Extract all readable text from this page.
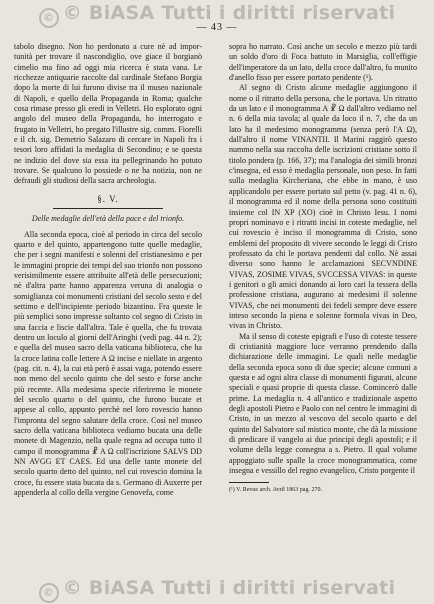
© © BiASA Tutti i diritti riservati
— 43 —

tabolo disegno. Non ho perdonato a cure nè ad importunità per trovare il nascondiglio, ove giace il borgianò cimelio ma fino ad oggi mia ricerca è stata vana. Le ricchezze antiquarie raccolte dal cardinale Stefano Borgia dopo la morte di lui furono divise tra il museo nazionale di Napoli, e quello della Propaganda in Roma; qualche cosa rimase presso gli eredi in Velletri. Ho esplorato ogni angolo del museo della Propaganda, ho interrogato e frugato in Velletri, ho pregato l'illustre sig. comm. Fiorelli e il ch. sig. Demetrio Salazaro di cercare in Napoli fra i tesori loro affidati la medaglia di Secondino; e se questa ne indizio del dove sia essa ita pellegrinando ho potuto trovare. Se qualcuno lo possiede o ne ha notizia, non ne defraudi gli studiosi della sacra archeologia.

§. V.
Delle medaglie dell'età della pace e del trionfo.

Alla seconda epoca, cioè al periodo in circa del secolo quarto e del quinto, appartengono tutte quelle medaglie, che per i segni manifesti e solenni del cristianesimo e per le immagini proprie dei tempi del suo trionfo non possono verisimilmente essere attribuite all'età delle persecuzioni; nè d'altra parte hanno apparenza veruna di analogia o somiglianza coi monumenti cristiani del secolo sesto e del settimo e dell'incipiente periodo bizantino. Fra queste le più semplici sono impresse soltanto col segno di Cristo in una faccia e liscie dall'altra. Tale è quella, che fu trovata dentro un loculo al giorni dell'Aringhi (vedi pag. 44 n. 2); e quella del museo sacro della vaticana biblioteca, che ha la croce latina colle lettere A Ω incise e niellate in argento (pag. cit. n. 4), la cui età però è assai vaga, potendo essere non meno del secolo quinto che del sesto e forse anche più recente. Alla medesima specie riferiremo le monete del secolo quarto o del quinto, che furono bucate et appese al collo, appunto perchè nel loro rovescio hanno l'impronta del segno salutare della croce. Così nel museo sacro della vaticana biblioteca vediamo bucata una delle monete di Magenzio, nella quale regna ad occupa tutto il campo il monogramma ☧ A Ω coll'iscrizione SALVS DD NN AVGG ET CAES. Ed una delle tante monete del secolo quarto detto del quinto, nel cui rovescio domina la croce, fu essere stata bucata da s. Germano di Auxerre per appenderla al collo della vergine Genovefa, come

sopra ho narrato. Così anche un secolo e mezzo più tardi un soldo d'oro di Foca battuto in Marsiglia, coll'effigie dell'imperatore da un lato, della croce dall'altro, fu munito d'anello fisso per essere portato pendente (¹).

Al segno di Cristo alcune medaglie aggiungono il nome o il ritratto della persona, che le portava. Un ritratto da un lato e il monogramma A ☧ Ω dall'altro vediamo nel n. 6 della mia tavola; al quale da loco il n. 7, che da un lato ha il medesimo monogramma (senza però l'A Ω), dall'altro il nome VINANTII. Il Marini raggirò questo nummo nella sua raccolta delle iscrizioni cristiane sotto il titolo pondera (p. 166, 37); ma l'analogia dei simili bronzi c'insegna, ed esso è medaglia personale, non peso. In fatti sulla medaglia Kircheriana, che ebbe in mano, è uso applicandolo per essere portato sul petto (v. pag. 41 n. 6), il monogramma ed il nome della persona sono costituiti insieme col IN ΧΡ (XO) cioè in Christo Iesu. I nomi propri nominavo e i ritratti incisi in coteste medaglie, nel cui rovescio è inciso il monogramma di Cristo, sono emblemi del proposito di vivere secondo le leggi di Cristo professato da chi le portava pendenti dal collo. Nè assai diverso sono hanno le acclamazioni SECVNDINE VIVAS, ZOSIME VIVAS, SVCCESSA VIVAS: in queste i genitori o gli amici donando ai loro cari la tessera della professione cristiana, augurano ai medesimi il solenne VIVAS, che nei monumenti dei fedeli sempre deve essere inteso secondo la piena e solenne formola vivas in Deo, vivas in Christo.

Ma il senso di coteste epigrafi e l'uso di coteste tessere di cristianità maggiore luce verranno prendendo dalla dichiarazione delle immagini. Le quali nelle medaglie della seconda epoca sono di due specie; alcune comuni a questa e ad ogni altra classe di monumenti figurati, alcune speciali e quasi proprie di questa classe. Comincerò dalle prime. La medaglia n. 4 all'antico e tradizionale aspetto degli apostoli Pietro e Paolo con nel centro le immagini di Cristo, in un mezzo al vescovo del secolo quarto e del quinto del Salvatore sul mistico monte, che dà la missione di predicare il vangelo ai due principi degli apostoli; e il volume della legge consegna a s. Pietro. Il qual volume appoggiato sulle spalle la croce monogrammatica, come insegna e vessillo del regno evangelico, Cristo porgente il

(¹) V. Revue arch. Avril 1863 pag. 270.
© © BiASA Tutti i diritti riservati
